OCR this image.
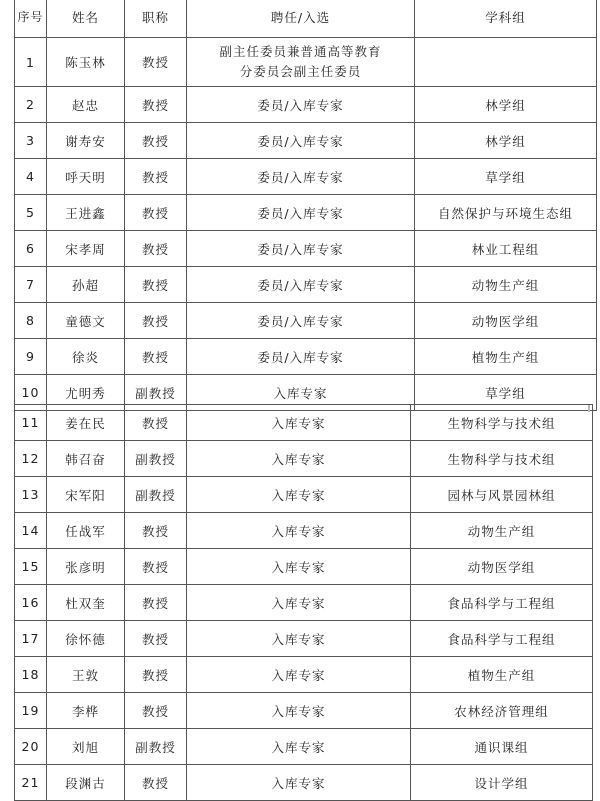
序号	姓名	职称	聘任/入选	学科组
1	陈玉林	教授	副主任委员兼普通高等教育
分委员会副主任委员	

2	赵忠	教授	委员/入库专家	林学组
3	谢寿安	教授	委员/入库专家	林学组
4	呼天明	教授	委员/入库专家	草学组
5	王进鑫	教授	委员/入库专家	自然保护与环境生态组
6	宋孝周	教授	委员/入库专家	林业工程组
7	孙超	教授	委员/入库专家	动物生产组
8	童德文	教授	委员/入库专家	动物医学组
9	徐炎	教授	委员/入库专家	植物生产组
10	尤明秀	副教授	入库专家	草学组
11	姜在民	教授	入库专家	生物科学与技术组
12	韩召奋	副教授	入库专家	生物科学与技术组
13	宋军阳	副教授	入库专家	园林与风景园林组
14	任战军	教授	入库专家	动物生产组
15	张彦明	教授	入库专家	动物医学组
16	杜双奎	教授	入库专家	食品科学与工程组
17	徐怀德	教授	入库专家	食品科学与工程组
18	王敦	教授	入库专家	植物生产组
19	李桦	教授	入库专家	农林经济管理组
20	刘旭	副教授	入库专家	通识课组
21	段渊古	教授	入库专家	设计学组
